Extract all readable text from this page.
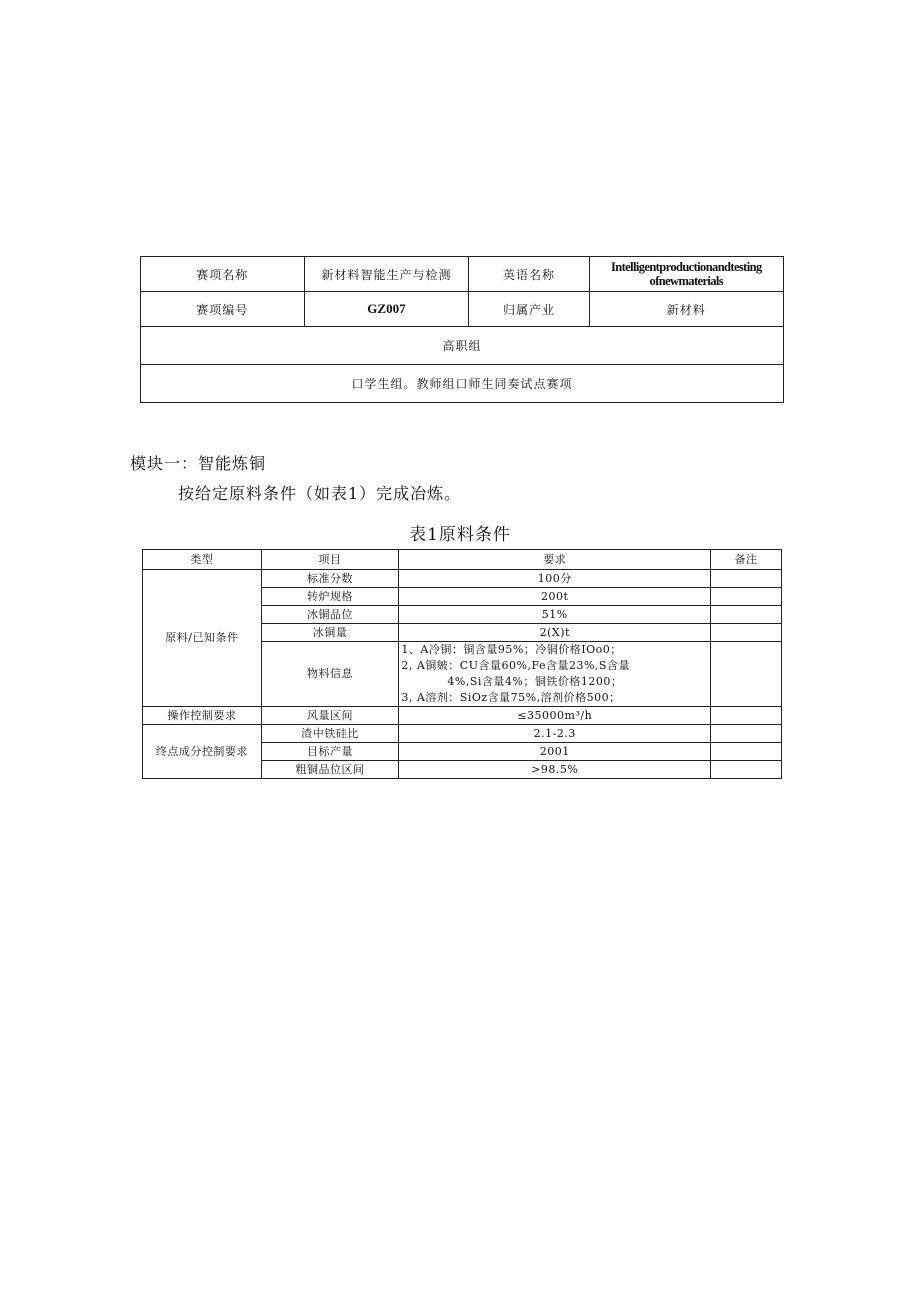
赛项名称	新材料智能生产与检测	英语名称	Intelligentproductionandtesting
ofnewmaterials

赛项编号	GZ007	归属产业	新材料
高职组			
口学生组。教师组口师生同奏试点赛项			
模块一：智能炼铜

按给定原料条件（如表1）完成冶炼。

表1原料条件

类型	项目	要求	备注
原料/已知条件	标准分数	100分	
	转炉规格	200t	
	冰铜品位	51%	
	冰铜量	2(X)t	
	物料信息	1、A冷铜：铜含量95%；冷铜价格IOo0；
2, A铜皴：CU含量60%,Fe含量23%,S含量
4%,Si含量4%；铜铁价格1200；
3, A溶剂：SiOz含量75%,溶剂价格500；	

操作控制要求	风量区间	≤35000m³/h	
终点成分控制要求	渣中铁硅比	2.1-2.3	
	目标产量	2001	
	粗铜品位区间	>98.5%	
